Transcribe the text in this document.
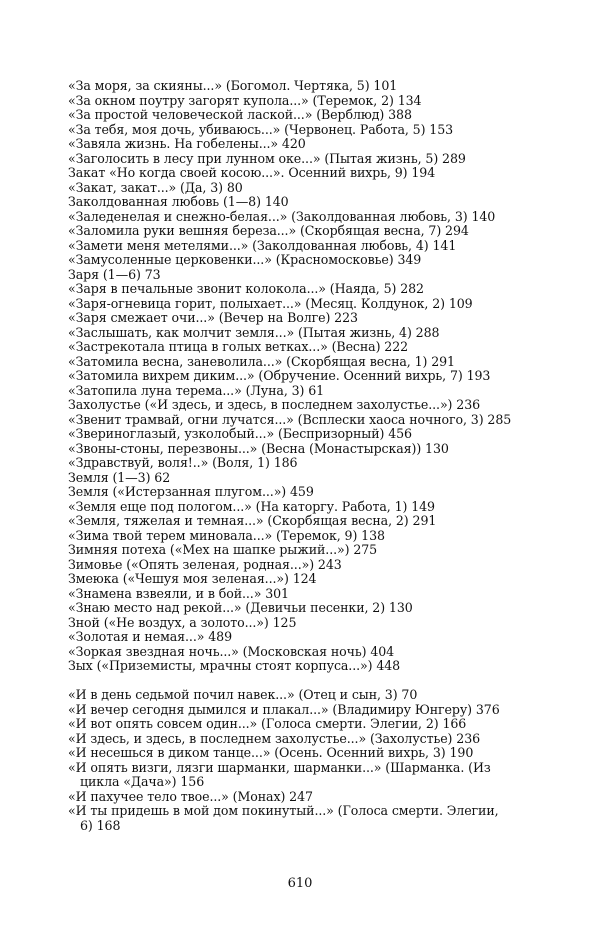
«За моря, за скияны...» (Богомол. Чертяка, 5) 101
«За окном поутру загорят купола...» (Теремок, 2) 134
«За простой человеческой лаской...» (Верблюд) 388
«За тебя, моя дочь, убиваюсь...» (Червонец. Работа, 5) 153
«Завяла жизнь. На гобелены...» 420
«Заголосить в лесу при лунном оке...» (Пытая жизнь, 5) 289
Закат «Но когда своей косою...». Осенний вихрь, 9) 194
«Закат, закат...» (Да, 3) 80
Заколдованная любовь (1—8) 140
«Заледенелая и снежно-белая...» (Заколдованная любовь, 3) 140
«Заломила руки вешняя береза...» (Скорбящая весна, 7) 294
«Замети меня метелями...» (Заколдованная любовь, 4) 141
«Замусоленные церковенки...» (Красномосковье) 349
Заря (1—6) 73
«Заря в печальные звонит колокола...» (Наяда, 5) 282
«Заря-огневица горит, полыхает...» (Месяц. Колдунок, 2) 109
«Заря смежает очи...» (Вечер на Волге) 223
«Заслышать, как молчит земля...» (Пытая жизнь, 4) 288
«Застрекотала птица в голых ветках...» (Весна) 222
«Затомила весна, заневолила...» (Скорбящая весна, 1) 291
«Затомила вихрем диким...» (Обручение. Осенний вихрь, 7) 193
«Затопила луна терема...» (Луна, 3) 61
Захолустье («И здесь, и здесь, в последнем захолустье...») 236
«Звенит трамвай, огни лучатся...» (Всплески хаоса ночного, 3) 285
«Звериноглазый, узколобый...» (Беспризорный) 456
«Звоны-стоны, перезвоны...» (Весна (Монастырская)) 130
«Здравствуй, воля!..» (Воля, 1) 186
Земля (1—3) 62
Земля («Истерзанная плугом...») 459
«Земля еще под пологом...» (На каторгу. Работа, 1) 149
«Земля, тяжелая и темная...» (Скорбящая весна, 2) 291
«Зима твой терем миновала...» (Теремок, 9) 138
Зимняя потеха («Мех на шапке рыжий...») 275
Зимовье («Опять зеленая, родная...») 243
Змеюка («Чешуя моя зеленая...») 124
«Знамена взвеяли, и в бой...» 301
«Знаю место над рекой...» (Девичьи песенки, 2) 130
Зной («Не воздух, а золото...») 125
«Золотая и немая...» 489
«Зоркая звездная ночь...» (Московская ночь) 404
Зых («Приземисты, мрачны стоят корпуса...») 448
«И в день седьмой почил навек...» (Отец и сын, 3) 70
«И вечер сегодня дымился и плакал...» (Владимиру Юнгеру) 376
«И вот опять совсем один...» (Голоса смерти. Элегии, 2) 166
«И здесь, и здесь, в последнем захолустье...» (Захолустье) 236
«И несешься в диком танце...» (Осень. Осенний вихрь, 3) 190
«И опять визги, лязги шарманки, шарманки...» (Шарманка. (Из
цикла «Дача») 156
«И пахучее тело твое...» (Монах) 247
«И ты придешь в мой дом покинутый...» (Голоса смерти. Элегии,
6) 168
610
